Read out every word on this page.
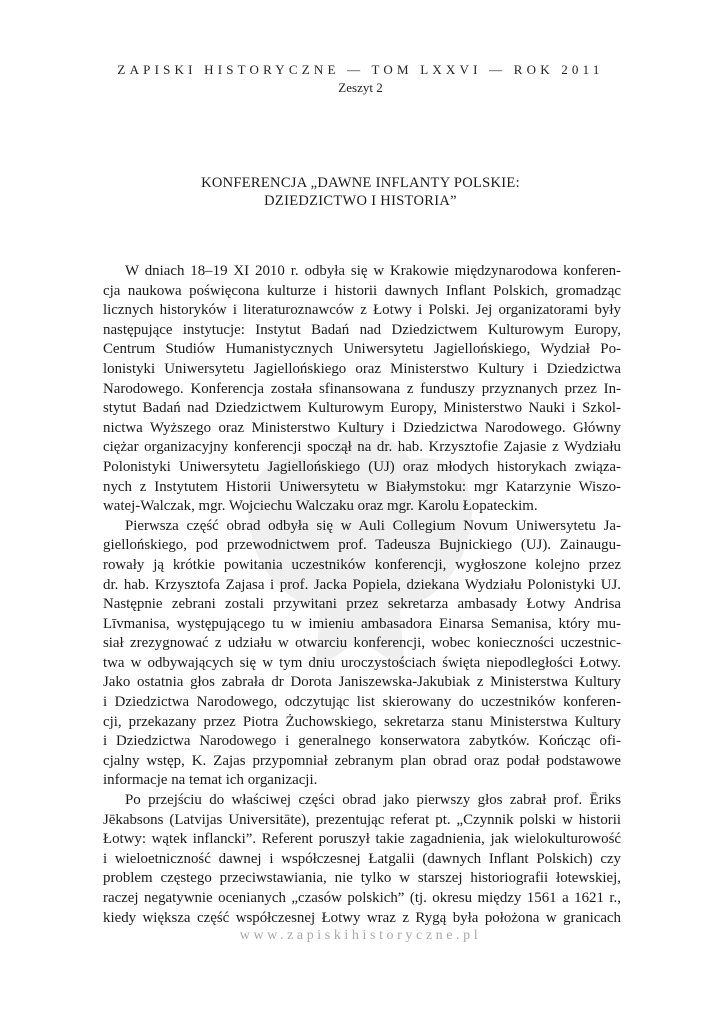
ZAPISKI HISTORYCZNE — TOM LXXVI — ROK 2011
Zeszyt 2
KONFERENCJA „DAWNE INFLANTY POLSKIE:
DZIEDZICTWO I HISTORIA”
W dniach 18–19 XI 2010 r. odbyła się w Krakowie międzynarodowa konferen-
cja naukowa poświęcona kulturze i historii dawnych Inflant Polskich, gromadząc
licznych historyków i literaturoznawców z Łotwy i Polski. Jej organizatorami były
następujące instytucje: Instytut Badań nad Dziedzictwem Kulturowym Europy,
Centrum Studiów Humanistycznych Uniwersytetu Jagiellońskiego, Wydział Po-
lonistyki Uniwersytetu Jagiellońskiego oraz Ministerstwo Kultury i Dziedzictwa
Narodowego. Konferencja została sfinansowana z funduszy przyznanych przez In-
stytut Badań nad Dziedzictwem Kulturowym Europy, Ministerstwo Nauki i Szkol-
nictwa Wyższego oraz Ministerstwo Kultury i Dziedzictwa Narodowego. Główny
ciężar organizacyjny konferencji spoczął na dr. hab. Krzysztofie Zajasie z Wydziału
Polonistyki Uniwersytetu Jagiellońskiego (UJ) oraz młodych historykach związa-
nych z Instytutem Historii Uniwersytetu w Białymstoku: mgr Katarzynie Wiszo-
watej-Walczak, mgr. Wojciechu Walczaku oraz mgr. Karolu Łopateckim.
Pierwsza część obrad odbyła się w Auli Collegium Novum Uniwersytetu Ja-
giellońskiego, pod przewodnictwem prof. Tadeusza Bujnickiego (UJ). Zainaugu-
rowały ją krótkie powitania uczestników konferencji, wygłoszone kolejno przez
dr. hab. Krzysztofa Zajasa i prof. Jacka Popiela, dziekana Wydziału Polonistyki UJ.
Następnie zebrani zostali przywitani przez sekretarza ambasady Łotwy Andrisa
Līvmanisa, występującego tu w imieniu ambasadora Einarsa Semanisa, który mu-
siał zrezygnować z udziału w otwarciu konferencji, wobec konieczności uczestnic-
twa w odbywających się w tym dniu uroczystościach święta niepodległości Łotwy.
Jako ostatnia głos zabrała dr Dorota Janiszewska-Jakubiak z Ministerstwa Kultury
i Dziedzictwa Narodowego, odczytując list skierowany do uczestników konferen-
cji, przekazany przez Piotra Żuchowskiego, sekretarza stanu Ministerstwa Kultury
i Dziedzictwa Narodowego i generalnego konserwatora zabytków. Kończąc ofi-
cjalny wstęp, K. Zajas przypomniał zebranym plan obrad oraz podał podstawowe
informacje na temat ich organizacji.
Po przejściu do właściwej części obrad jako pierwszy głos zabrał prof. Ēriks
Jēkabsons (Latvijas Universitāte), prezentując referat pt. „Czynnik polski w historii
Łotwy: wątek inflancki”. Referent poruszył takie zagadnienia, jak wielokulturowość
i wieloetniczność dawnej i współczesnej Łatgalii (dawnych Inflant Polskich) czy
problem częstego przeciwstawiania, nie tylko w starszej historiografii łotewskiej,
raczej negatywnie ocenianych „czasów polskich” (tj. okresu między 1561 a 1621 r.,
kiedy większa część współczesnej Łotwy wraz z Rygą była położona w granicach
www.zapiskihistoryczne.pl
